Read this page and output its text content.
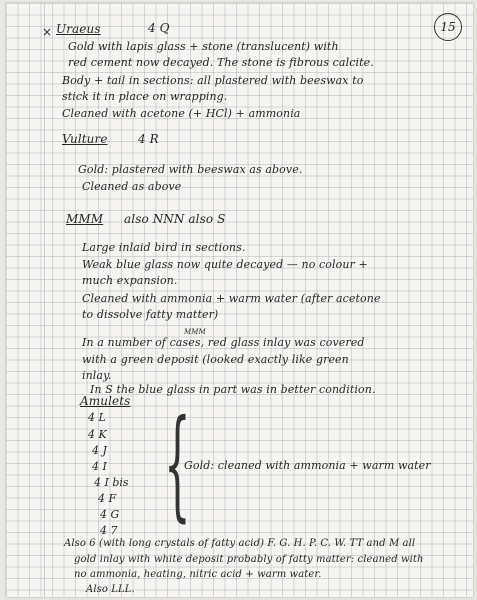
15
× Uraeus	4 Q
Gold with lapis glass + stone (translucent) with
red cement now decayed. The stone is fibrous calcite.
Body + tail in sections: all plastered with beeswax to
stick it in place on wrapping.
Cleaned with acetone (+ HCl) + ammonia
Vulture	4 R
Gold: plastered with beeswax as above.
Cleaned as above
MMM also NNN also S
Large inlaid bird in sections.
Weak blue glass now quite decayed — no colour +
much expansion.
Cleaned with ammonia + warm water (after acetone
to dissolve fatty matter)
MMM
In a number of cases, red glass inlay was covered
with a green deposit (looked exactly like green
inlay.
In S the blue glass in part was in better condition.
Amulets
4 L
4 K
4 J
4 I
4 I bis
4 F
4 G
4 7 {
Gold: cleaned with ammonia + warm water
Also 6 (with long crystals of fatty acid) F. G. H. P. C. W. TT and M all
gold inlay with white deposit probably of fatty matter: cleaned with
no ammonia, heating, nitric acid + warm water.
Also LLL.
